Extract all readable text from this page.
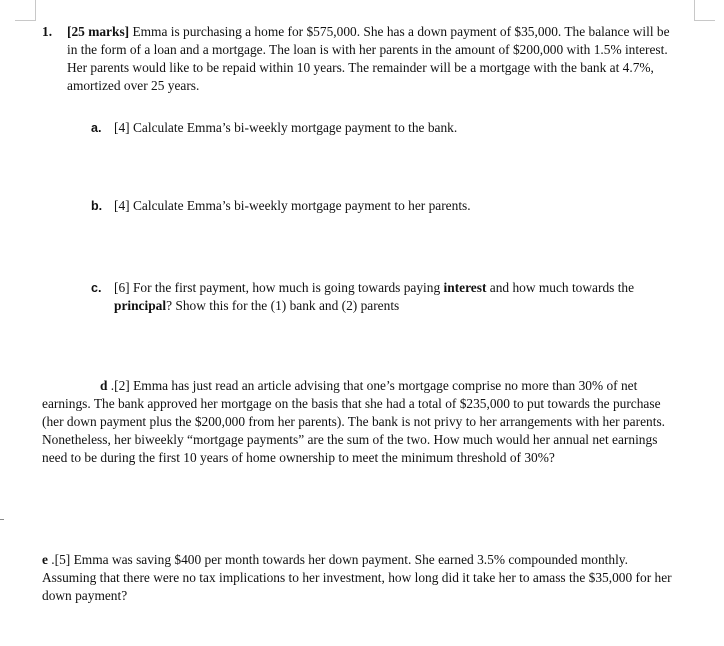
1. [25 marks] Emma is purchasing a home for $575,000. She has a down payment of $35,000. The balance will be in the form of a loan and a mortgage. The loan is with her parents in the amount of $200,000 with 1.5% interest. Her parents would like to be repaid within 10 years. The remainder will be a mortgage with the bank at 4.7%, amortized over 25 years.
a. [4] Calculate Emma’s bi-weekly mortgage payment to the bank.
b. [4] Calculate Emma’s bi-weekly mortgage payment to her parents.
c. [6] For the first payment, how much is going towards paying interest and how much towards the principal? Show this for the (1) bank and (2) parents
d .[2] Emma has just read an article advising that one’s mortgage comprise no more than 30% of net earnings. The bank approved her mortgage on the basis that she had a total of $235,000 to put towards the purchase (her down payment plus the $200,000 from her parents). The bank is not privy to her arrangements with her parents. Nonetheless, her biweekly “mortgage payments” are the sum of the two. How much would her annual net earnings need to be during the first 10 years of home ownership to meet the minimum threshold of 30%?
e .[5] Emma was saving $400 per month towards her down payment. She earned 3.5% compounded monthly. Assuming that there were no tax implications to her investment, how long did it take her to amass the $35,000 for her down payment?
